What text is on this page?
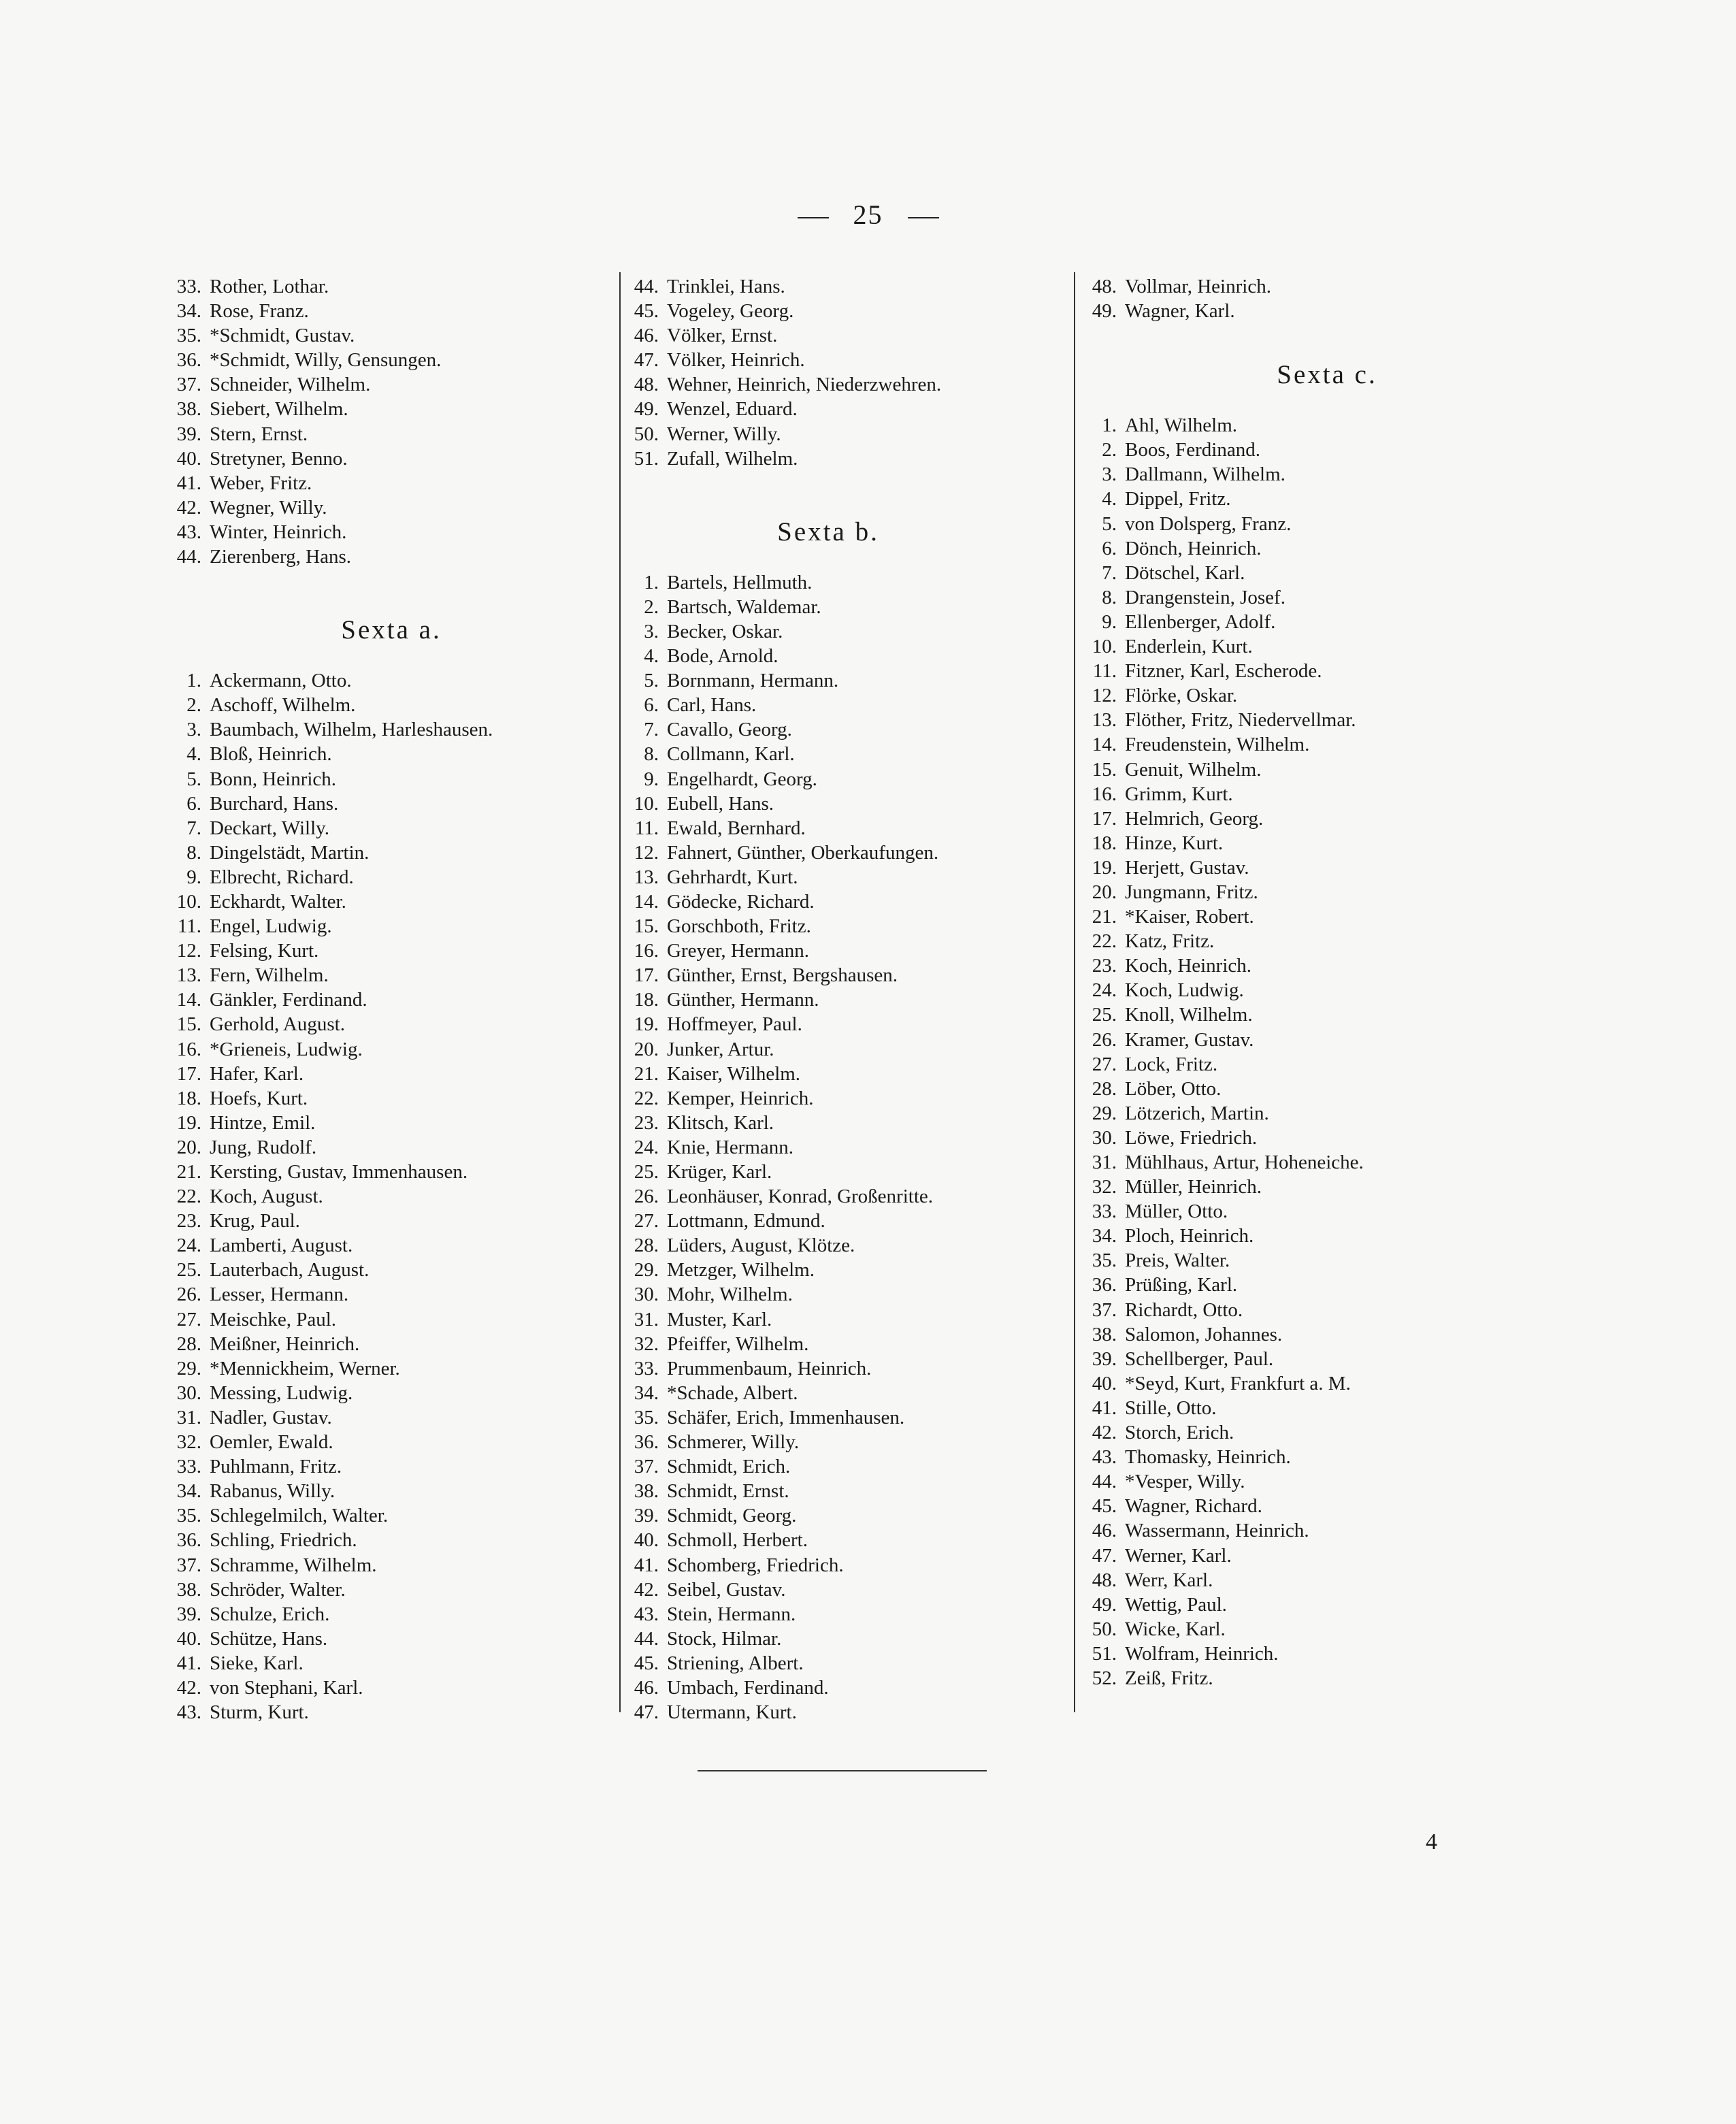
25
33. Rother, Lothar.
34. Rose, Franz.
35. *Schmidt, Gustav.
36. *Schmidt, Willy, Gensungen.
37. Schneider, Wilhelm.
38. Siebert, Wilhelm.
39. Stern, Ernst.
40. Stretyner, Benno.
41. Weber, Fritz.
42. Wegner, Willy.
43. Winter, Heinrich.
44. Zierenberg, Hans.
Sexta a.
1. Ackermann, Otto.
2. Aschoff, Wilhelm.
3. Baumbach, Wilhelm, Harleshausen.
4. Bloß, Heinrich.
5. Bonn, Heinrich.
6. Burchard, Hans.
7. Deckart, Willy.
8. Dingelstädt, Martin.
9. Elbrecht, Richard.
10. Eckhardt, Walter.
11. Engel, Ludwig.
12. Felsing, Kurt.
13. Fern, Wilhelm.
14. Gänkler, Ferdinand.
15. Gerhold, August.
16. *Grieneis, Ludwig.
17. Hafer, Karl.
18. Hoefs, Kurt.
19. Hintze, Emil.
20. Jung, Rudolf.
21. Kersting, Gustav, Immenhausen.
22. Koch, August.
23. Krug, Paul.
24. Lamberti, August.
25. Lauterbach, August.
26. Lesser, Hermann.
27. Meischke, Paul.
28. Meißner, Heinrich.
29. *Mennickheim, Werner.
30. Messing, Ludwig.
31. Nadler, Gustav.
32. Oemler, Ewald.
33. Puhlmann, Fritz.
34. Rabanus, Willy.
35. Schlegelmilch, Walter.
36. Schling, Friedrich.
37. Schramme, Wilhelm.
38. Schröder, Walter.
39. Schulze, Erich.
40. Schütze, Hans.
41. Sieke, Karl.
42. von Stephani, Karl.
43. Sturm, Kurt.
44. Trinklei, Hans.
45. Vogeley, Georg.
46. Völker, Ernst.
47. Völker, Heinrich.
48. Wehner, Heinrich, Niederzwehren.
49. Wenzel, Eduard.
50. Werner, Willy.
51. Zufall, Wilhelm.
Sexta b.
1. Bartels, Hellmuth.
2. Bartsch, Waldemar.
3. Becker, Oskar.
4. Bode, Arnold.
5. Bornmann, Hermann.
6. Carl, Hans.
7. Cavallo, Georg.
8. Collmann, Karl.
9. Engelhardt, Georg.
10. Eubell, Hans.
11. Ewald, Bernhard.
12. Fahnert, Günther, Oberkaufungen.
13. Gehrhardt, Kurt.
14. Gödecke, Richard.
15. Gorschboth, Fritz.
16. Greyer, Hermann.
17. Günther, Ernst, Bergshausen.
18. Günther, Hermann.
19. Hoffmeyer, Paul.
20. Junker, Artur.
21. Kaiser, Wilhelm.
22. Kemper, Heinrich.
23. Klitsch, Karl.
24. Knie, Hermann.
25. Krüger, Karl.
26. Leonhäuser, Konrad, Großenritte.
27. Lottmann, Edmund.
28. Lüders, August, Klötze.
29. Metzger, Wilhelm.
30. Mohr, Wilhelm.
31. Muster, Karl.
32. Pfeiffer, Wilhelm.
33. Prummenbaum, Heinrich.
34. *Schade, Albert.
35. Schäfer, Erich, Immenhausen.
36. Schmerer, Willy.
37. Schmidt, Erich.
38. Schmidt, Ernst.
39. Schmidt, Georg.
40. Schmoll, Herbert.
41. Schomberg, Friedrich.
42. Seibel, Gustav.
43. Stein, Hermann.
44. Stock, Hilmar.
45. Striening, Albert.
46. Umbach, Ferdinand.
47. Utermann, Kurt.
48. Vollmar, Heinrich.
49. Wagner, Karl.
Sexta c.
1. Ahl, Wilhelm.
2. Boos, Ferdinand.
3. Dallmann, Wilhelm.
4. Dippel, Fritz.
5. von Dolsperg, Franz.
6. Dönch, Heinrich.
7. Dötschel, Karl.
8. Drangenstein, Josef.
9. Ellenberger, Adolf.
10. Enderlein, Kurt.
11. Fitzner, Karl, Escherode.
12. Flörke, Oskar.
13. Flöther, Fritz, Niedervellmar.
14. Freudenstein, Wilhelm.
15. Genuit, Wilhelm.
16. Grimm, Kurt.
17. Helmrich, Georg.
18. Hinze, Kurt.
19. Herjett, Gustav.
20. Jungmann, Fritz.
21. *Kaiser, Robert.
22. Katz, Fritz.
23. Koch, Heinrich.
24. Koch, Ludwig.
25. Knoll, Wilhelm.
26. Kramer, Gustav.
27. Lock, Fritz.
28. Löber, Otto.
29. Lötzerich, Martin.
30. Löwe, Friedrich.
31. Mühlhaus, Artur, Hoheneiche.
32. Müller, Heinrich.
33. Müller, Otto.
34. Ploch, Heinrich.
35. Preis, Walter.
36. Prüßing, Karl.
37. Richardt, Otto.
38. Salomon, Johannes.
39. Schellberger, Paul.
40. *Seyd, Kurt, Frankfurt a. M.
41. Stille, Otto.
42. Storch, Erich.
43. Thomasky, Heinrich.
44. *Vesper, Willy.
45. Wagner, Richard.
46. Wassermann, Heinrich.
47. Werner, Karl.
48. Werr, Karl.
49. Wettig, Paul.
50. Wicke, Karl.
51. Wolfram, Heinrich.
52. Zeiß, Fritz.
4
